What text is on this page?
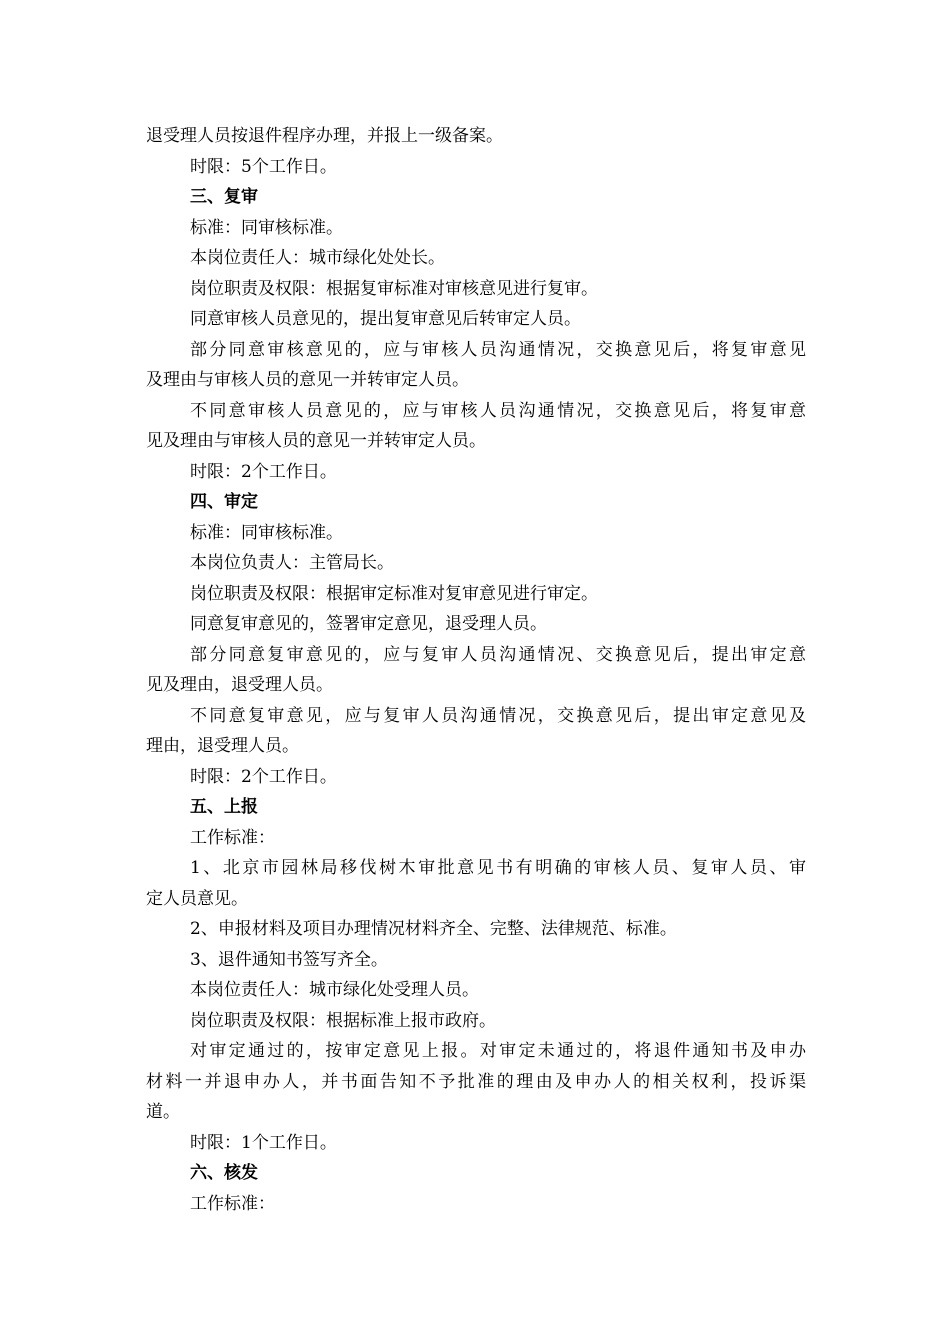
退受理人员按退件程序办理，并报上一级备案。

时限：5个工作日。

三、复审

标准：同审核标准。

本岗位责任人：城市绿化处处长。

岗位职责及权限：根据复审标准对审核意见进行复审。

同意审核人员意见的，提出复审意见后转审定人员。

部分同意审核意见的，应与审核人员沟通情况，交换意见后，将复审意见

及理由与审核人员的意见一并转审定人员。

不同意审核人员意见的，应与审核人员沟通情况，交换意见后，将复审意

见及理由与审核人员的意见一并转审定人员。

时限：2个工作日。

四、审定

标准：同审核标准。

本岗位负责人：主管局长。

岗位职责及权限：根据审定标准对复审意见进行审定。

同意复审意见的，签署审定意见，退受理人员。

部分同意复审意见的，应与复审人员沟通情况、交换意见后，提出审定意

见及理由，退受理人员。

不同意复审意见，应与复审人员沟通情况，交换意见后，提出审定意见及

理由，退受理人员。

时限：2个工作日。

五、上报

工作标准：

1、北京市园林局移伐树木审批意见书有明确的审核人员、复审人员、审

定人员意见。

2、申报材料及项目办理情况材料齐全、完整、法律规范、标准。

3、退件通知书签写齐全。

本岗位责任人：城市绿化处受理人员。

岗位职责及权限：根据标准上报市政府。

对审定通过的，按审定意见上报。对审定未通过的，将退件通知书及申办

材料一并退申办人，并书面告知不予批准的理由及申办人的相关权利，投诉渠

道。

时限：1个工作日。

六、核发

工作标准：
